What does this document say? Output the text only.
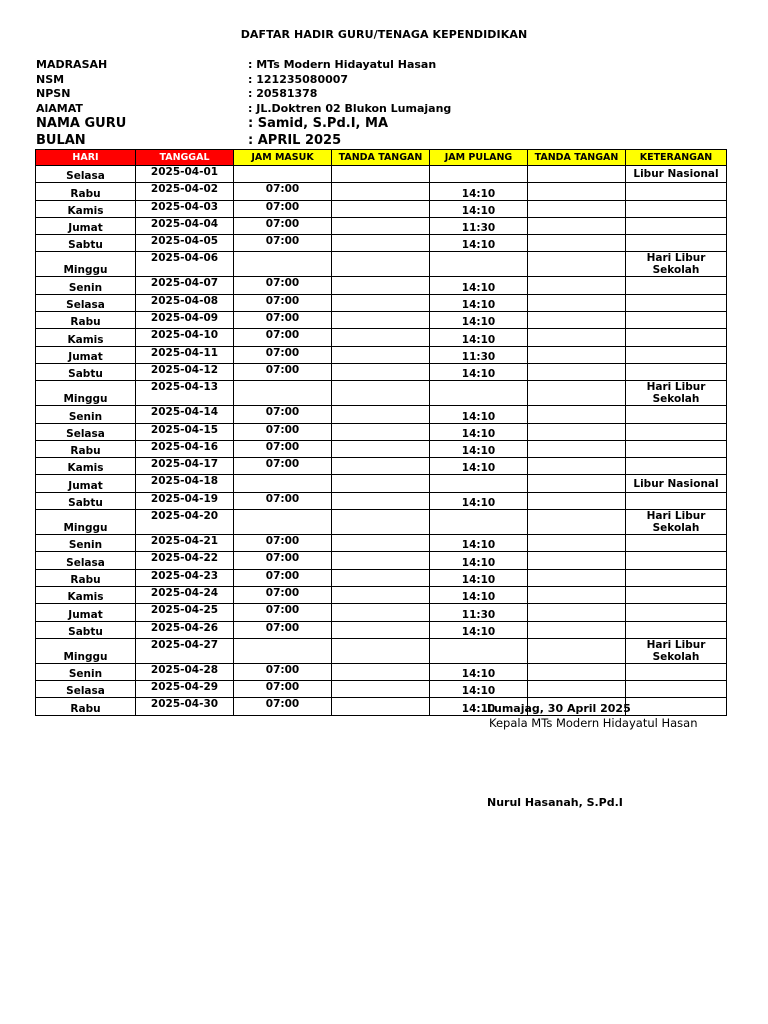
DAFTAR HADIR GURU/TENAGA KEPENDIDIKAN
MADRASAH	: MTs Modern Hidayatul Hasan
NSM	: 121235080007
NPSN	: 20581378
AlAMAT	: JL.Doktren 02 Blukon Lumajang
NAMA GURU	: Samid, S.Pd.I, MA
BULAN	: APRIL 2025
HARI	TANGGAL	JAM MASUK	TANDA TANGAN	JAM PULANG	TANDA TANGAN	KETERANGAN
Selasa	2025-04-01					Libur Nasional
Rabu	2025-04-02	07:00		14:10		
Kamis	2025-04-03	07:00		14:10		
Jumat	2025-04-04	07:00		11:30		
Sabtu	2025-04-05	07:00		14:10		
Minggu	2025-04-06					Hari Libur Sekolah
Senin	2025-04-07	07:00		14:10		
Selasa	2025-04-08	07:00		14:10		
Rabu	2025-04-09	07:00		14:10		
Kamis	2025-04-10	07:00		14:10		
Jumat	2025-04-11	07:00		11:30		
Sabtu	2025-04-12	07:00		14:10		
Minggu	2025-04-13					Hari Libur Sekolah
Senin	2025-04-14	07:00		14:10		
Selasa	2025-04-15	07:00		14:10		
Rabu	2025-04-16	07:00		14:10		
Kamis	2025-04-17	07:00		14:10		
Jumat	2025-04-18					Libur Nasional
Sabtu	2025-04-19	07:00		14:10		
Minggu	2025-04-20					Hari Libur Sekolah
Senin	2025-04-21	07:00		14:10		
Selasa	2025-04-22	07:00		14:10		
Rabu	2025-04-23	07:00		14:10		
Kamis	2025-04-24	07:00		14:10		
Jumat	2025-04-25	07:00		11:30		
Sabtu	2025-04-26	07:00		14:10		
Minggu	2025-04-27					Hari Libur Sekolah
Senin	2025-04-28	07:00		14:10		
Selasa	2025-04-29	07:00		14:10		
Rabu	2025-04-30	07:00		14:10		
Lumajag, 30 April 2025
Kepala MTs Modern Hidayatul Hasan
Nurul Hasanah, S.Pd.I
